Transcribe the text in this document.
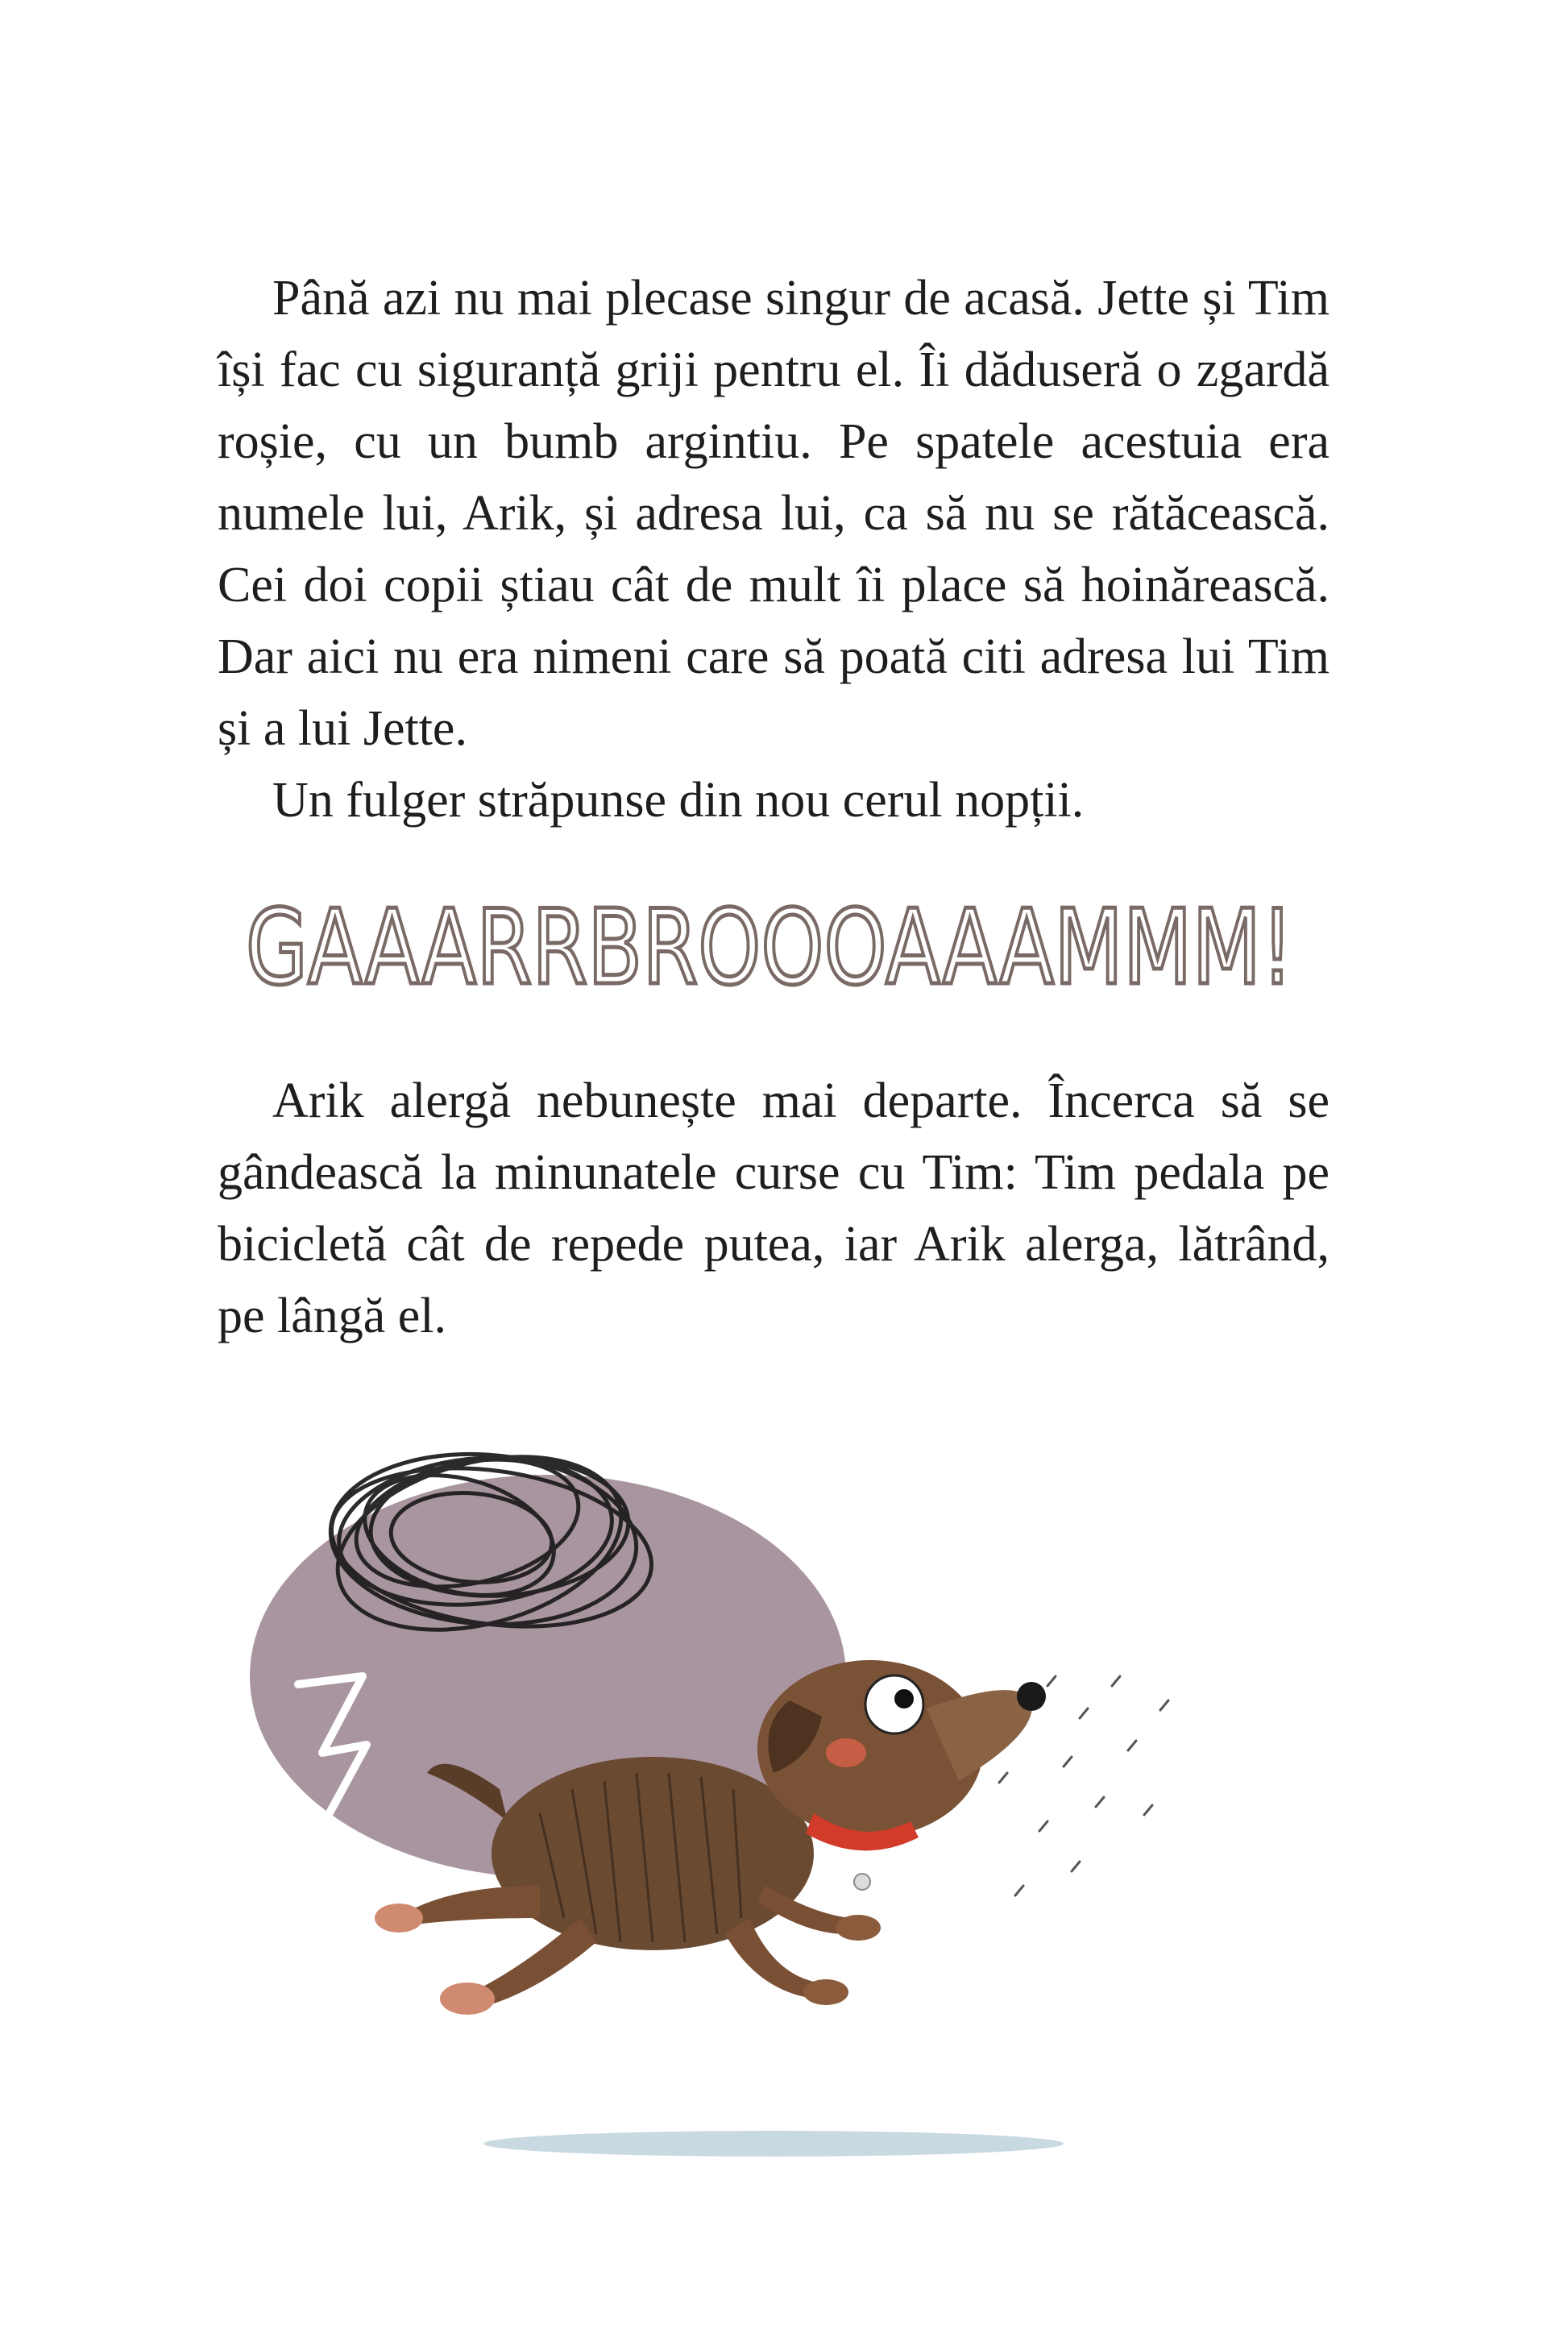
Până azi nu mai plecase singur de acasă. Jette și Tim își fac cu siguranță griji pentru el. Îi dăduseră o zgardă roșie, cu un bumb argintiu. Pe spatele acestuia era numele lui, Arik, și adresa lui, ca să nu se rătăcească. Cei doi copii știau cât de mult îi place să hoinărească. Dar aici nu era nimeni care să poată citi adresa lui Tim și a lui Jette.

Un fulger străpunse din nou cerul nopții.

GAAARRBROOOAAAMMM!

Arik alergă nebunește mai departe. Încerca să se gândească la minunatele curse cu Tim: Tim pedala pe bicicletă cât de repede putea, iar Arik alerga, lătrând, pe lângă el.
